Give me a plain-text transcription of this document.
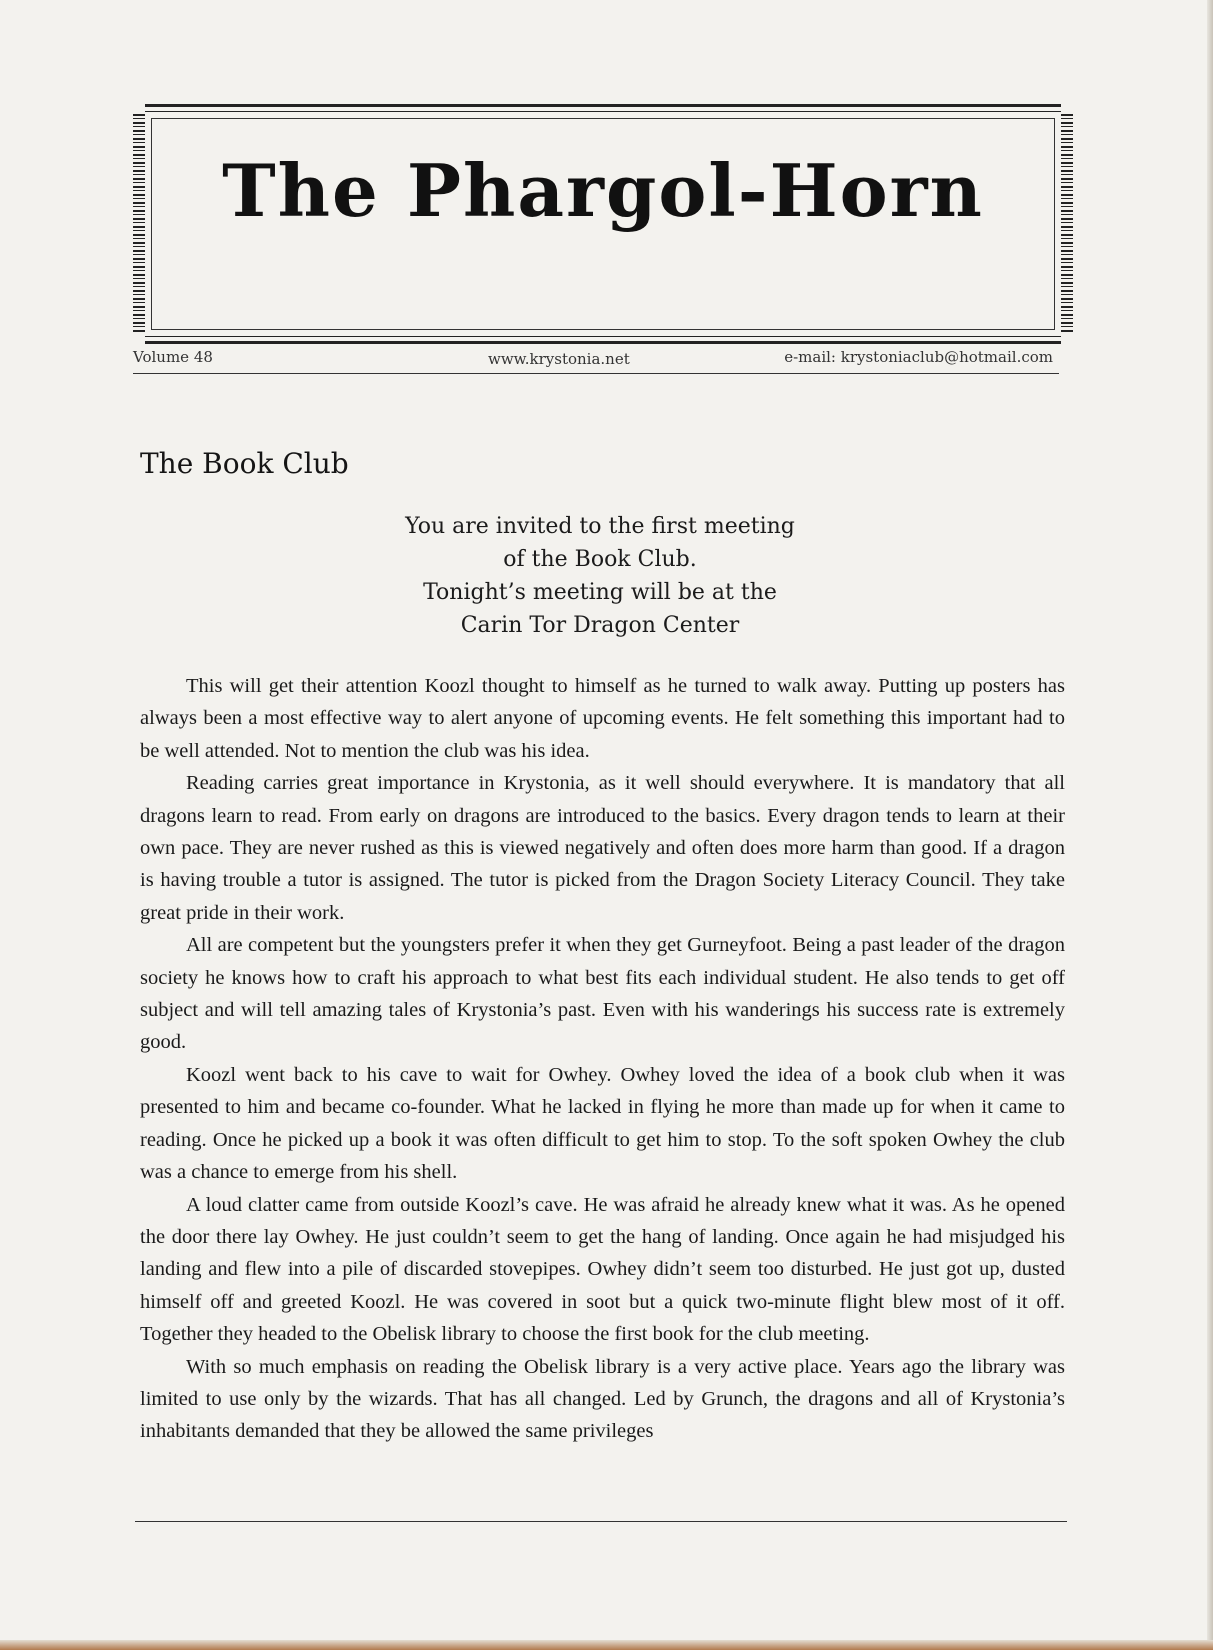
The Phargol-Horn
Volume 48	www.krystonia.net	e-mail: krystoniaclub@hotmail.com
The Book Club
You are invited to the first meeting
of the Book Club.
Tonight’s meeting will be at the
Carin Tor Dragon Center

This will get their attention Koozl thought to himself as he turned to walk away. Putting up posters has always been a most effective way to alert anyone of upcoming events. He felt something this important had to be well attended. Not to mention the club was his idea.

Reading carries great importance in Krystonia, as it well should everywhere. It is mandatory that all dragons learn to read. From early on dragons are introduced to the basics. Every dragon tends to learn at their own pace. They are never rushed as this is viewed negatively and often does more harm than good. If a dragon is having trouble a tutor is assigned. The tutor is picked from the Dragon Society Literacy Council. They take great pride in their work.

All are competent but the youngsters prefer it when they get Gurneyfoot. Being a past leader of the dragon society he knows how to craft his approach to what best fits each individual student. He also tends to get off subject and will tell amazing tales of Krystonia’s past. Even with his wanderings his success rate is extremely good.

Koozl went back to his cave to wait for Owhey. Owhey loved the idea of a book club when it was presented to him and became co-founder. What he lacked in flying he more than made up for when it came to reading. Once he picked up a book it was often difficult to get him to stop. To the soft spoken Owhey the club was a chance to emerge from his shell.

A loud clatter came from outside Koozl’s cave. He was afraid he already knew what it was. As he opened the door there lay Owhey. He just couldn’t seem to get the hang of landing. Once again he had misjudged his landing and flew into a pile of discarded stovepipes. Owhey didn’t seem too disturbed. He just got up, dusted himself off and greeted Koozl. He was covered in soot but a quick two-minute flight blew most of it off. Together they headed to the Obelisk library to choose the first book for the club meeting.

With so much emphasis on reading the Obelisk library is a very active place. Years ago the library was limited to use only by the wizards. That has all changed. Led by Grunch, the dragons and all of Krystonia’s inhabitants demanded that they be allowed the same privileges
